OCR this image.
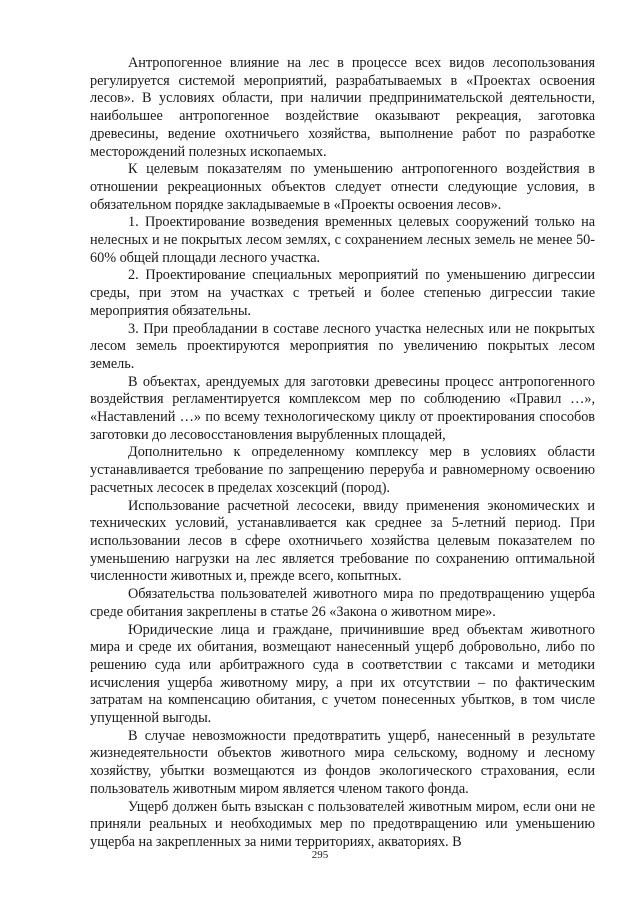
Антропогенное влияние на лес в процессе всех видов лесопользования регулируется системой мероприятий, разрабатываемых в «Проектах освоения лесов». В условиях области, при наличии предпринимательской деятельности, наибольшее антропогенное воздействие оказывают рекреация, заготовка древесины, ведение охотничьего хозяйства, выполнение работ по разработке месторождений полезных ископаемых.

К целевым показателям по уменьшению антропогенного воздействия в отношении рекреационных объектов следует отнести следующие условия, в обязательном порядке закладываемые в «Проекты освоения лесов».

1. Проектирование возведения временных целевых сооружений только на нелесных и не покрытых лесом землях, с сохранением лесных земель не менее 50-60% общей площади лесного участка.

2. Проектирование специальных мероприятий по уменьшению дигрессии среды, при этом на участках с третьей и более степенью дигрессии такие мероприятия обязательны.

3. При преобладании в составе лесного участка нелесных или не покрытых лесом земель проектируются мероприятия по увеличению покрытых лесом земель.

В объектах, арендуемых для заготовки древесины процесс антропогенного воздействия регламентируется комплексом мер по соблюдению «Правил …», «Наставлений …» по всему технологическому циклу от проектирования способов заготовки до лесовосстановления вырубленных площадей,

Дополнительно к определенному комплексу мер в условиях области устанавливается требование по запрещению переруба и равномерному освоению расчетных лесосек в пределах хозсекций (пород).

Использование расчетной лесосеки, ввиду применения экономических и технических условий, устанавливается как среднее за 5-летний период. При использовании лесов в сфере охотничьего хозяйства целевым показателем по уменьшению нагрузки на лес является требование по сохранению оптимальной численности животных и, прежде всего, копытных.

Обязательства пользователей животного мира по предотвращению ущерба среде обитания закреплены в статье 26 «Закона о животном мире».

Юридические лица и граждане, причинившие вред объектам животного мира и среде их обитания, возмещают нанесенный ущерб добровольно, либо по решению суда или арбитражного суда в соответствии с таксами и методики исчисления ущерба животному миру, а при их отсутствии – по фактическим затратам на компенсацию обитания, с учетом понесенных убытков, в том числе упущенной выгоды.

В случае невозможности предотвратить ущерб, нанесенный в результате жизнедеятельности объектов животного мира сельскому, водному и лесному хозяйству, убытки возмещаются из фондов экологического страхования, если пользователь животным миром является членом такого фонда.

Ущерб должен быть взыскан с пользователей животным миром, если они не приняли реальных и необходимых мер по предотвращению или уменьшению ущерба на закрепленных за ними территориях, акваториях. В

295
